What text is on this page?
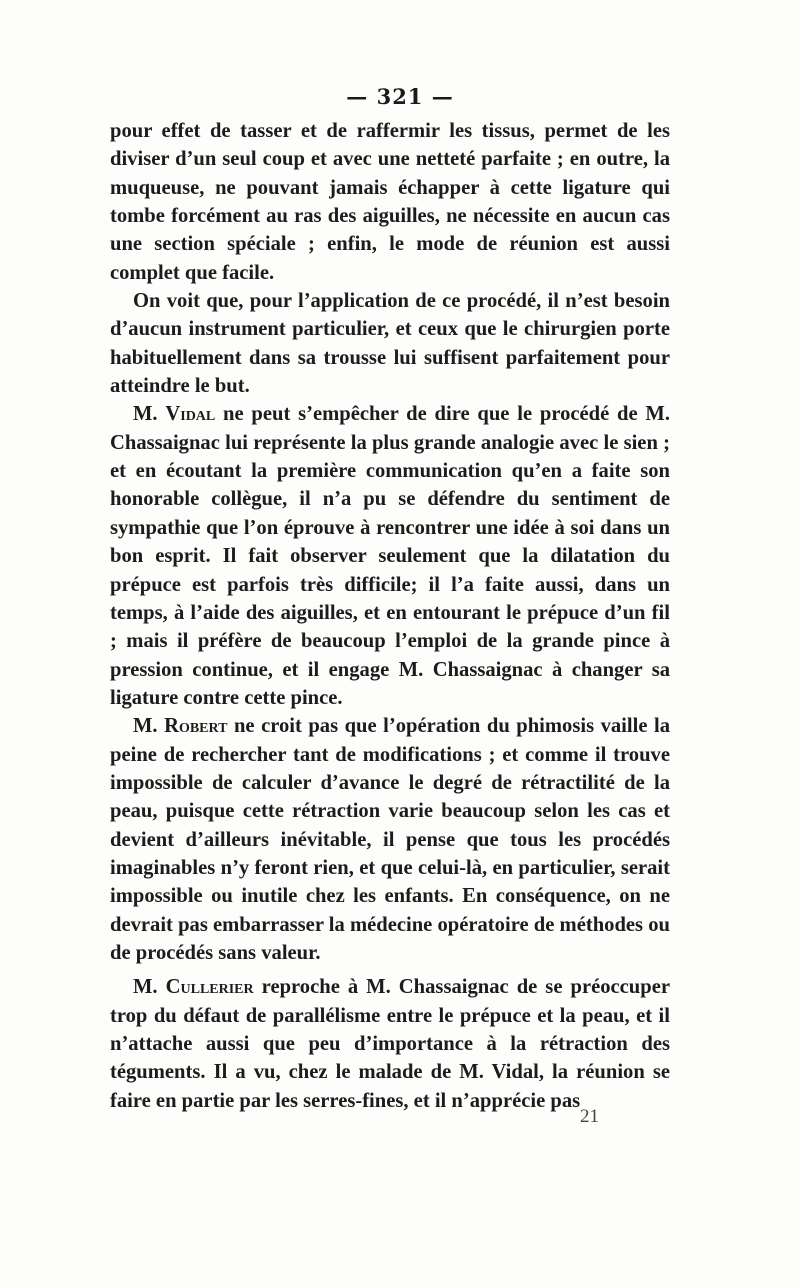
— 321 —

pour effet de tasser et de raffermir les tissus, permet de les diviser d’un seul coup et avec une netteté parfaite ; en outre, la muqueuse, ne pouvant jamais échapper à cette ligature qui tombe forcément au ras des aiguilles, ne nécessite en aucun cas une section spéciale ; enfin, le mode de réunion est aussi complet que facile.

On voit que, pour l’application de ce procédé, il n’est besoin d’aucun instrument particulier, et ceux que le chirurgien porte habituellement dans sa trousse lui suffisent parfaitement pour atteindre le but.

M. Vidal ne peut s’empêcher de dire que le procédé de M. Chassaignac lui représente la plus grande analogie avec le sien ; et en écoutant la première communication qu’en a faite son honorable collègue, il n’a pu se défendre du sentiment de sympathie que l’on éprouve à rencontrer une idée à soi dans un bon esprit. Il fait observer seulement que la dilatation du prépuce est parfois très difficile; il l’a faite aussi, dans un temps, à l’aide des aiguilles, et en entourant le prépuce d’un fil ; mais il préfère de beaucoup l’emploi de la grande pince à pression continue, et il engage M. Chassaignac à changer sa ligature contre cette pince.

M. Robert ne croit pas que l’opération du phimosis vaille la peine de rechercher tant de modifications ; et comme il trouve impossible de calculer d’avance le degré de rétractilité de la peau, puisque cette rétraction varie beaucoup selon les cas et devient d’ailleurs inévitable, il pense que tous les procédés imaginables n’y feront rien, et que celui-là, en particulier, serait impossible ou inutile chez les enfants. En conséquence, on ne devrait pas embarrasser la médecine opératoire de méthodes ou de procédés sans valeur.

M. Cullerier reproche à M. Chassaignac de se préoccuper trop du défaut de parallélisme entre le prépuce et la peau, et il n’attache aussi que peu d’importance à la rétraction des téguments. Il a vu, chez le malade de M. Vidal, la réunion se faire en partie par les serres-fines, et il n’apprécie pas

21
